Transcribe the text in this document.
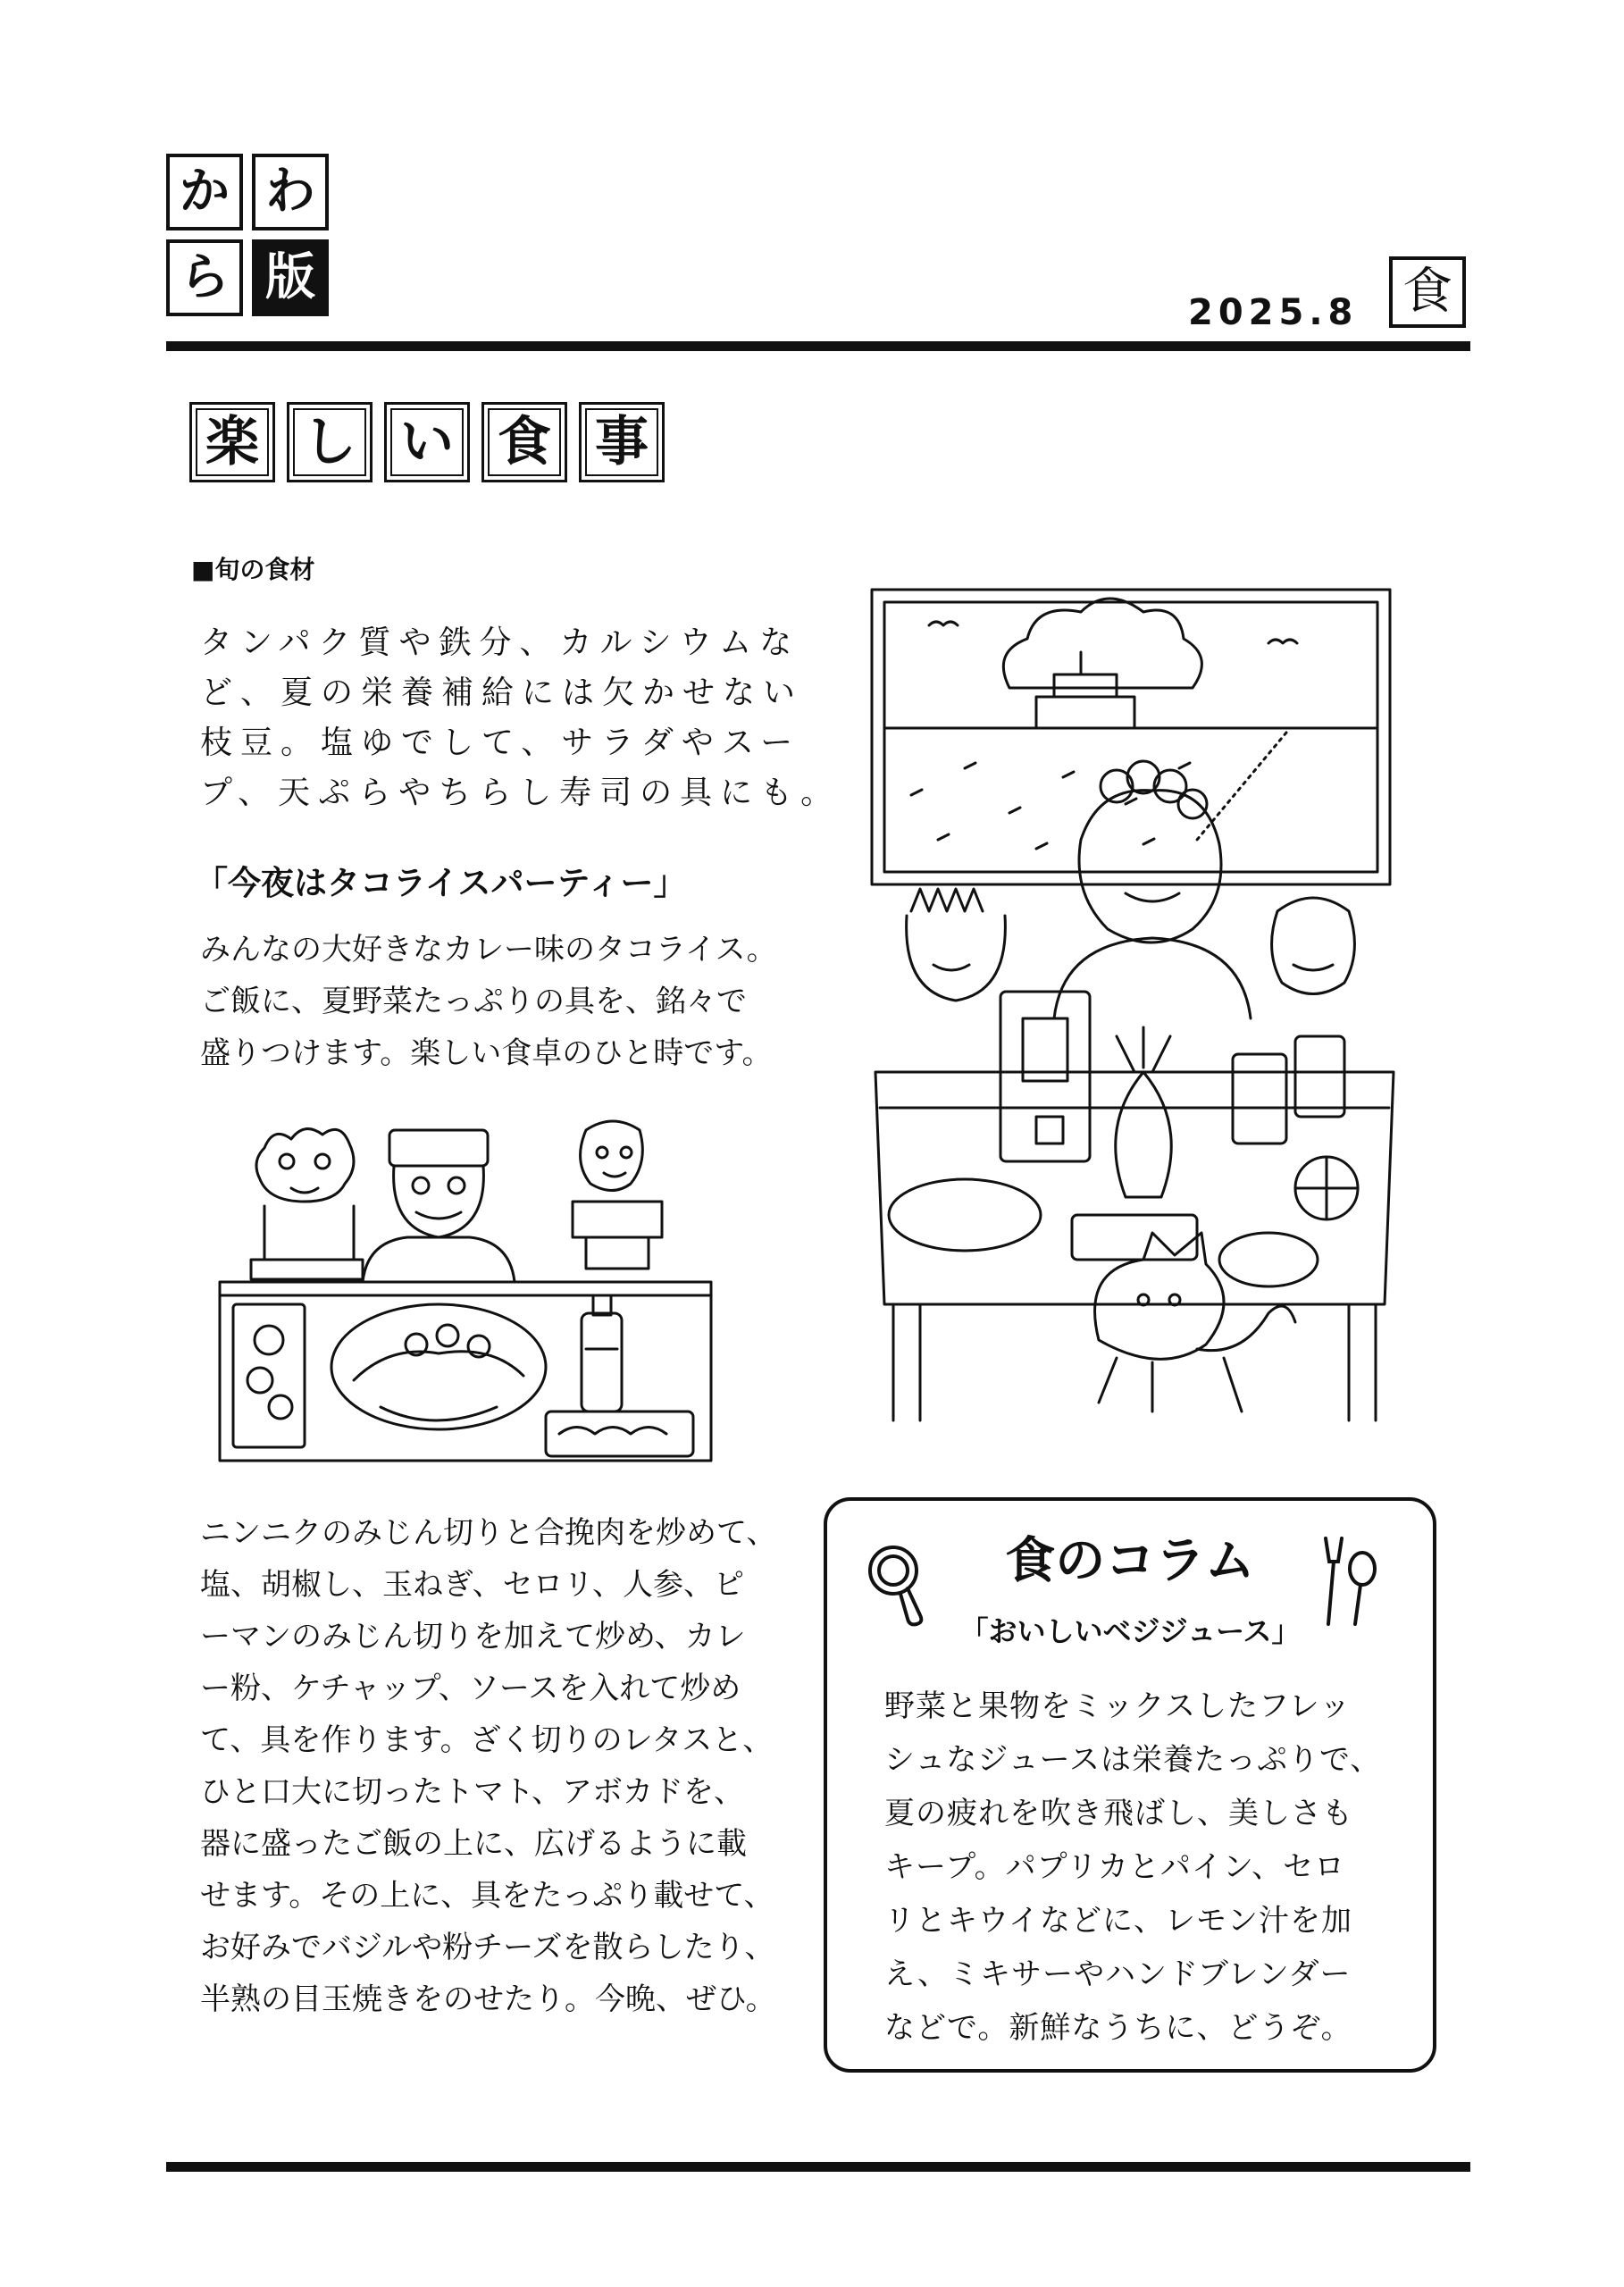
か わ
ら 版
2025.8 食
楽 し い 食 事
■旬の食材
タンパク質や鉄分、カルシウムな
ど、夏の栄養補給には欠かせない
枝豆。塩ゆでして、サラダやスー
プ、天ぷらやちらし寿司の具にも。
「今夜はタコライスパーティー」
みんなの大好きなカレー味のタコライス。
ご飯に、夏野菜たっぷりの具を、銘々で
盛りつけます。楽しい食卓のひと時です。
ニンニクのみじん切りと合挽肉を炒めて、
塩、胡椒し、玉ねぎ、セロリ、人参、ピ
ーマンのみじん切りを加えて炒め、カレ
ー粉、ケチャップ、ソースを入れて炒め
て、具を作ります。ざく切りのレタスと、
ひと口大に切ったトマト、アボカドを、
器に盛ったご飯の上に、広げるように載
せます。その上に、具をたっぷり載せて、
お好みでバジルや粉チーズを散らしたり、
半熟の目玉焼きをのせたり。今晩、ぜひ。
食のコラム
「おいしいベジジュース」
野菜と果物をミックスしたフレッ
シュなジュースは栄養たっぷりで、
夏の疲れを吹き飛ばし、美しさも
キープ。パプリカとパイン、セロ
リとキウイなどに、レモン汁を加
え、ミキサーやハンドブレンダー
などで。新鮮なうちに、どうぞ。
